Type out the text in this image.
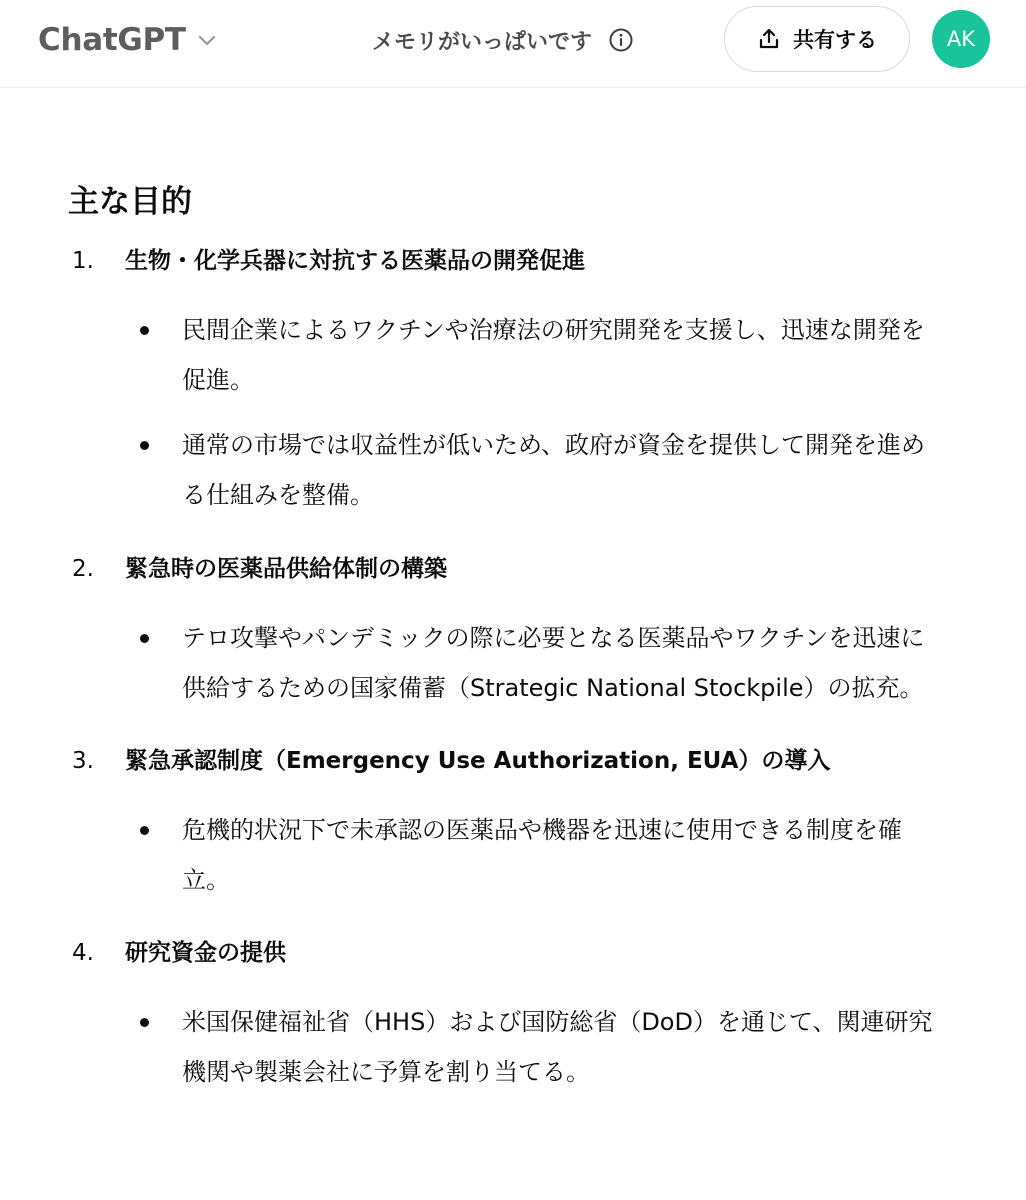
ChatGPT	メモリがいっぱいです	共有する	AK
主な目的
1. 生物・化学兵器に対抗する医薬品の開発促進
民間企業によるワクチンや治療法の研究開発を支援し、迅速な開発を促進。
通常の市場では収益性が低いため、政府が資金を提供して開発を進める仕組みを整備。
2. 緊急時の医薬品供給体制の構築
テロ攻撃やパンデミックの際に必要となる医薬品やワクチンを迅速に供給するための国家備蓄（Strategic National Stockpile）の拡充。
3. 緊急承認制度（Emergency Use Authorization, EUA）の導入
危機的状況下で未承認の医薬品や機器を迅速に使用できる制度を確立。
4. 研究資金の提供
米国保健福祉省（HHS）および国防総省（DoD）を通じて、関連研究機関や製薬会社に予算を割り当てる。
